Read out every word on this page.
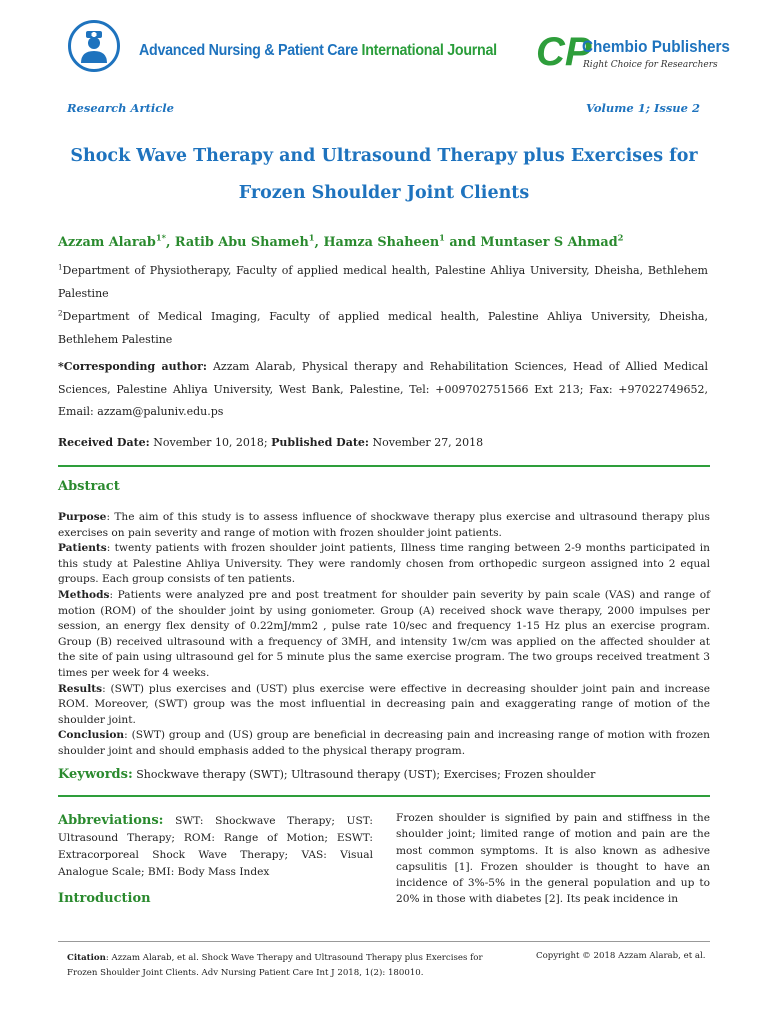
Advanced Nursing & Patient Care International Journal CP
Chembio Publishers
Right Choice for Researchers
Research Article	Volume 1; Issue 2
Shock Wave Therapy and Ultrasound Therapy plus Exercises for
Frozen Shoulder Joint Clients
Azzam Alarab$^{1*}$, Ratib Abu Shameh$^1$, Hamza Shaheen$^1$ and Muntaser S Ahmad$^2$
$^1$Department of Physiotherapy, Faculty of applied medical health, Palestine Ahliya University, Dheisha, Bethlehem Palestine
$^2$Department of Medical Imaging, Faculty of applied medical health, Palestine Ahliya University, Dheisha, Bethlehem Palestine
*Corresponding author: Azzam Alarab, Physical therapy and Rehabilitation Sciences, Head of Allied Medical Sciences, Palestine Ahliya University, West Bank, Palestine, Tel: +009702751566 Ext 213; Fax: +97022749652, Email: azzam@paluniv.edu.ps
Received Date: November 10, 2018; Published Date: November 27, 2018
Abstract

Purpose: The aim of this study is to assess influence of shockwave therapy plus exercise and ultrasound therapy plus exercises on pain severity and range of motion with frozen shoulder joint patients.

Patients: twenty patients with frozen shoulder joint patients, Illness time ranging between 2-9 months participated in this study at Palestine Ahliya University. They were randomly chosen from orthopedic surgeon assigned into 2 equal groups. Each group consists of ten patients.

Methods: Patients were analyzed pre and post treatment for shoulder pain severity by pain scale (VAS) and range of motion (ROM) of the shoulder joint by using goniometer. Group (A) received shock wave therapy, 2000 impulses per session, an energy flex density of 0.22mJ/mm2 , pulse rate 10/sec and frequency 1-15 Hz plus an exercise program. Group (B) received ultrasound with a frequency of 3MH, and intensity 1w/cm was applied on the affected shoulder at the site of pain using ultrasound gel for 5 minute plus the same exercise program. The two groups received treatment 3 times per week for 4 weeks.

Results: (SWT) plus exercises and (UST) plus exercise were effective in decreasing shoulder joint pain and increase ROM. Moreover, (SWT) group was the most influential in decreasing pain and exaggerating range of motion of the shoulder joint.

Conclusion: (SWT) group and (US) group are beneficial in decreasing pain and increasing range of motion with frozen shoulder joint and should emphasis added to the physical therapy program.

Keywords: Shockwave therapy (SWT); Ultrasound therapy (UST); Exercises; Frozen shoulder
Abbreviations: SWT: Shockwave Therapy; UST: Ultrasound Therapy; ROM: Range of Motion; ESWT: Extracorporeal Shock Wave Therapy; VAS: Visual Analogue Scale; BMI: Body Mass Index
Introduction
Frozen shoulder is signified by pain and stiffness in the shoulder joint; limited range of motion and pain are the most common symptoms. It is also known as adhesive capsulitis [1]. Frozen shoulder is thought to have an incidence of 3%-5% in the general population and up to 20% in those with diabetes [2]. Its peak incidence in
Citation: Azzam Alarab, et al. Shock Wave Therapy and Ultrasound Therapy plus Exercises for Frozen Shoulder Joint Clients. Adv Nursing Patient Care Int J 2018, 1(2): 180010.
Copyright © 2018 Azzam Alarab, et al.
